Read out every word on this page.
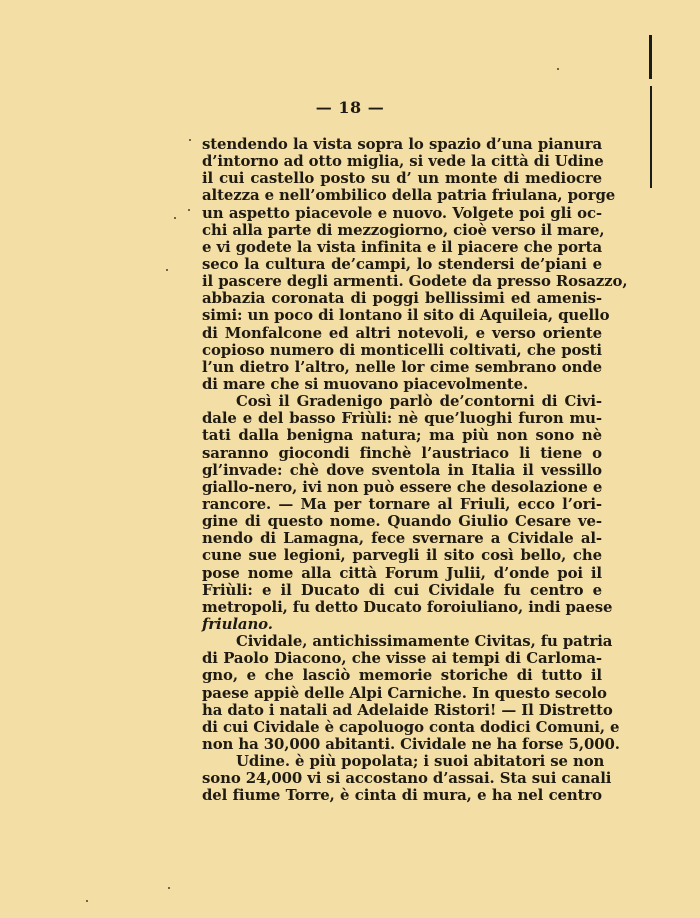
— 18 —
stendendo la vista sopra lo spazio d’una pianura
d’intorno ad otto miglia, si vede la città di Udine
il cui castello posto su d’ un monte di mediocre
altezza e nell’ombilico della patria friulana, porge
un aspetto piacevole e nuovo. Volgete poi gli oc-
chi alla parte di mezzogiorno, cioè verso il mare,
e vi godete la vista infinita e il piacere che porta
seco la cultura de’campi, lo stendersi de’piani e
il pascere degli armenti. Godete da presso Rosazzo,
abbazia coronata di poggi bellissimi ed amenis-
simi: un poco di lontano il sito di Aquileia, quello
di Monfalcone ed altri notevoli, e verso oriente
copioso numero di monticelli coltivati, che posti
l’un dietro l’altro, nelle lor cime sembrano onde
di mare che si muovano piacevolmente.
Così il Gradenigo parlò de’contorni di Civi-
dale e del basso Friùli: nè que’luoghi furon mu-
tati dalla benigna natura; ma più non sono nè
saranno giocondi finchè l’austriaco li tiene o
gl’invade: chè dove sventola in Italia il vessillo
giallo-nero, ivi non può essere che desolazione e
rancore. — Ma per tornare al Friuli, ecco l’ori-
gine di questo nome. Quando Giulio Cesare ve-
nendo di Lamagna, fece svernare a Cividale al-
cune sue legioni, parvegli il sito così bello, che
pose nome alla città Forum Julii, d’onde poi il
Friùli: e il Ducato di cui Cividale fu centro e
metropoli, fu detto Ducato foroiuliano, indi paese
friulano.
Cividale, antichissimamente Civitas, fu patria
di Paolo Diacono, che visse ai tempi di Carloma-
gno, e che lasciò memorie storiche di tutto il
paese appiè delle Alpi Carniche. In questo secolo
ha dato i natali ad Adelaide Ristori! — Il Distretto
di cui Cividale è capoluogo conta dodici Comuni, e
non ha 30,000 abitanti. Cividale ne ha forse 5,000.
Udine. è più popolata; i suoi abitatori se non
sono 24,000 vi si accostano d’assai. Sta sui canali
del fiume Torre, è cinta di mura, e ha nel centro
